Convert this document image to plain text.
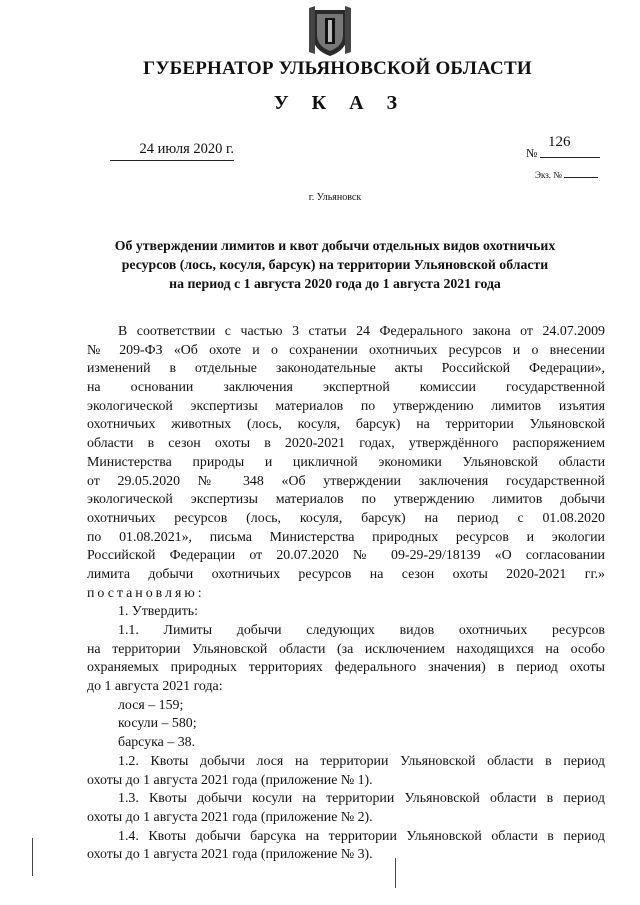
ГУБЕРНАТОР УЛЬЯНОВСКОЙ ОБЛАСТИ
У К А З
24 июля 2020 г.	№
126
Экз. №
г. Ульяновск
Об утверждении лимитов и квот добычи отдельных видов охотничьих
ресурсов (лось, косуля, барсук) на территории Ульяновской области
на период с 1 августа 2020 года до 1 августа 2021 года
В соответствии с частью 3 статьи 24 Федерального закона от 24.07.2009
№ 209-ФЗ «Об охоте и о сохранении охотничьих ресурсов и о внесении
изменений в отдельные законодательные акты Российской Федерации»,
на основании заключения экспертной комиссии государственной
экологической экспертизы материалов по утверждению лимитов изъятия
охотничьих животных (лось, косуля, барсук) на территории Ульяновской
области в сезон охоты в 2020-2021 годах, утверждённого распоряжением
Министерства природы и цикличной экономики Ульяновской области
от 29.05.2020 № 348 «Об утверждении заключения государственной
экологической экспертизы материалов по утверждению лимитов добычи
охотничьих ресурсов (лось, косуля, барсук) на период с 01.08.2020
по 01.08.2021», письма Министерства природных ресурсов и экологии
Российской Федерации от 20.07.2020 № 09-29-29/18139 «О согласовании
лимита добычи охотничьих ресурсов на сезон охоты 2020-2021 гг.»
постановляю:
1. Утвердить:
1.1. Лимиты добычи следующих видов охотничьих ресурсов
на территории Ульяновской области (за исключением находящихся на особо
охраняемых природных территориях федерального значения) в период охоты
до 1 августа 2021 года:
лося – 159;
косули – 580;
барсука – 38.
1.2. Квоты добычи лося на территории Ульяновской области в период
охоты до 1 августа 2021 года (приложение № 1).
1.3. Квоты добычи косули на территории Ульяновской области в период
охоты до 1 августа 2021 года (приложение № 2).
1.4. Квоты добычи барсука на территории Ульяновской области в период
охоты до 1 августа 2021 года (приложение № 3).
